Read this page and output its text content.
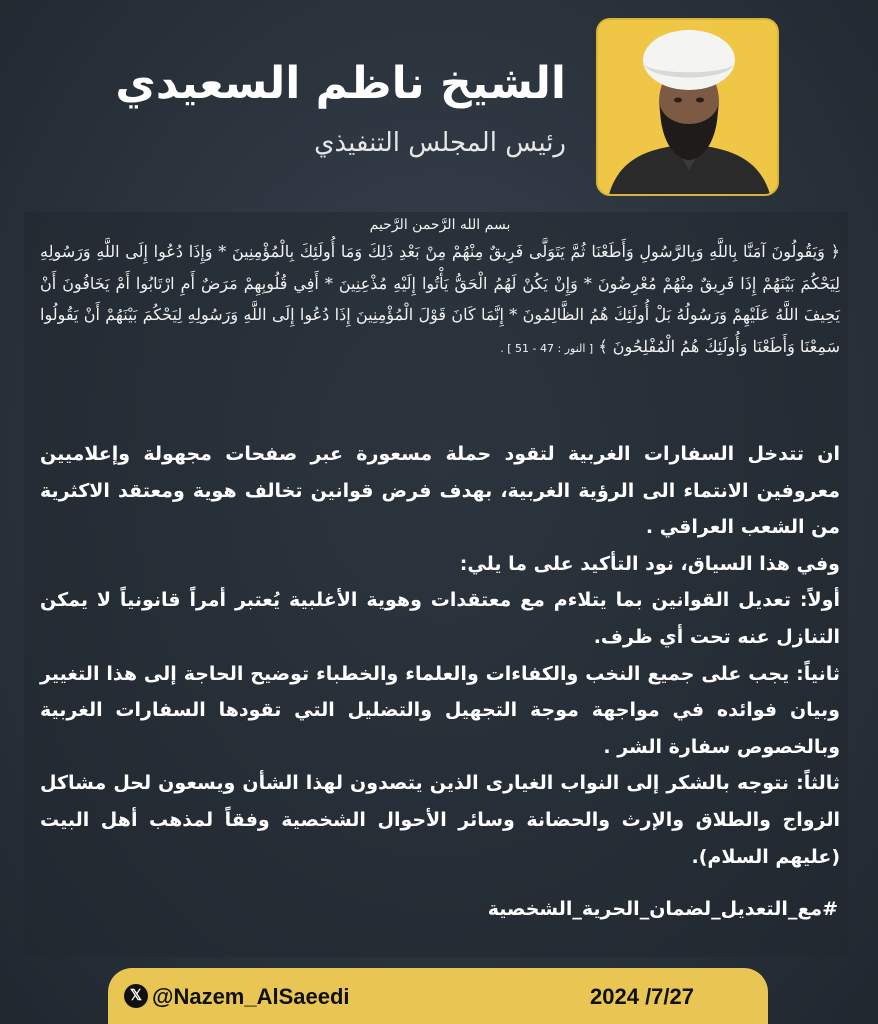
الشيخ ناظم السعيدي
رئيس المجلس التنفيذي
بسم الله الرَّحمن الرَّحيم
﴿ وَيَقُولُونَ آمَنَّا بِاللَّهِ وَبِالرَّسُولِ وَأَطَعْنَا ثُمَّ يَتَوَلَّى فَرِيقٌ مِنْهُمْ مِنْ بَعْدِ ذَلِكَ وَمَا أُولَئِكَ بِالْمُؤْمِنِينَ * وَإِذَا دُعُوا إِلَى اللَّهِ وَرَسُولِهِ لِيَحْكُمَ بَيْنَهُمْ إِذَا فَرِيقٌ مِنْهُمْ مُعْرِضُونَ * وَإِنْ يَكُنْ لَهُمُ الْحَقُّ يَأْتُوا إِلَيْهِ مُذْعِنِينَ * أَفِي قُلُوبِهِمْ مَرَضٌ أَمِ ارْتَابُوا أَمْ يَخَافُونَ أَنْ يَحِيفَ اللَّهُ عَلَيْهِمْ وَرَسُولُهُ بَلْ أُولَئِكَ هُمُ الظَّالِمُونَ * إِنَّمَا كَانَ قَوْلَ الْمُؤْمِنِينَ إِذَا دُعُوا إِلَى اللَّهِ وَرَسُولِهِ لِيَحْكُمَ بَيْنَهُمْ أَنْ يَقُولُوا سَمِعْنَا وَأَطَعْنَا وَأُولَئِكَ هُمُ الْمُفْلِحُونَ ﴾ [ النور : 47 - 51 ] .

ان تتدخل السفارات الغربية لتقود حملة مسعورة عبر صفحات مجهولة وإعلاميين معروفين الانتماء الى الرؤية الغربية، بهدف فرض قوانين تخالف هوية ومعتقد الاكثرية من الشعب العراقي .

وفي هذا السياق، نود التأكيد على ما يلي:

أولاً: تعديل القوانين بما يتلاءم مع معتقدات وهوية الأغلبية يُعتبر أمراً قانونياً لا يمكن التنازل عنه تحت أي ظرف.

ثانياً: يجب على جميع النخب والكفاءات والعلماء والخطباء توضيح الحاجة إلى هذا التغيير وبيان فوائده في مواجهة موجة التجهيل والتضليل التي تقودها السفارات الغربية وبالخصوص سفارة الشر .

ثالثاً: نتوجه بالشكر إلى النواب الغيارى الذين يتصدون لهذا الشأن ويسعون لحل مشاكل الزواج والطلاق والإرث والحضانة وسائر الأحوال الشخصية وفقاً لمذهب أهل البيت (عليهم السلام).

#مع_التعديل_لضمان_الحرية_الشخصية
𝕏 @Nazem_AlSaeedi	2024 /7/27
